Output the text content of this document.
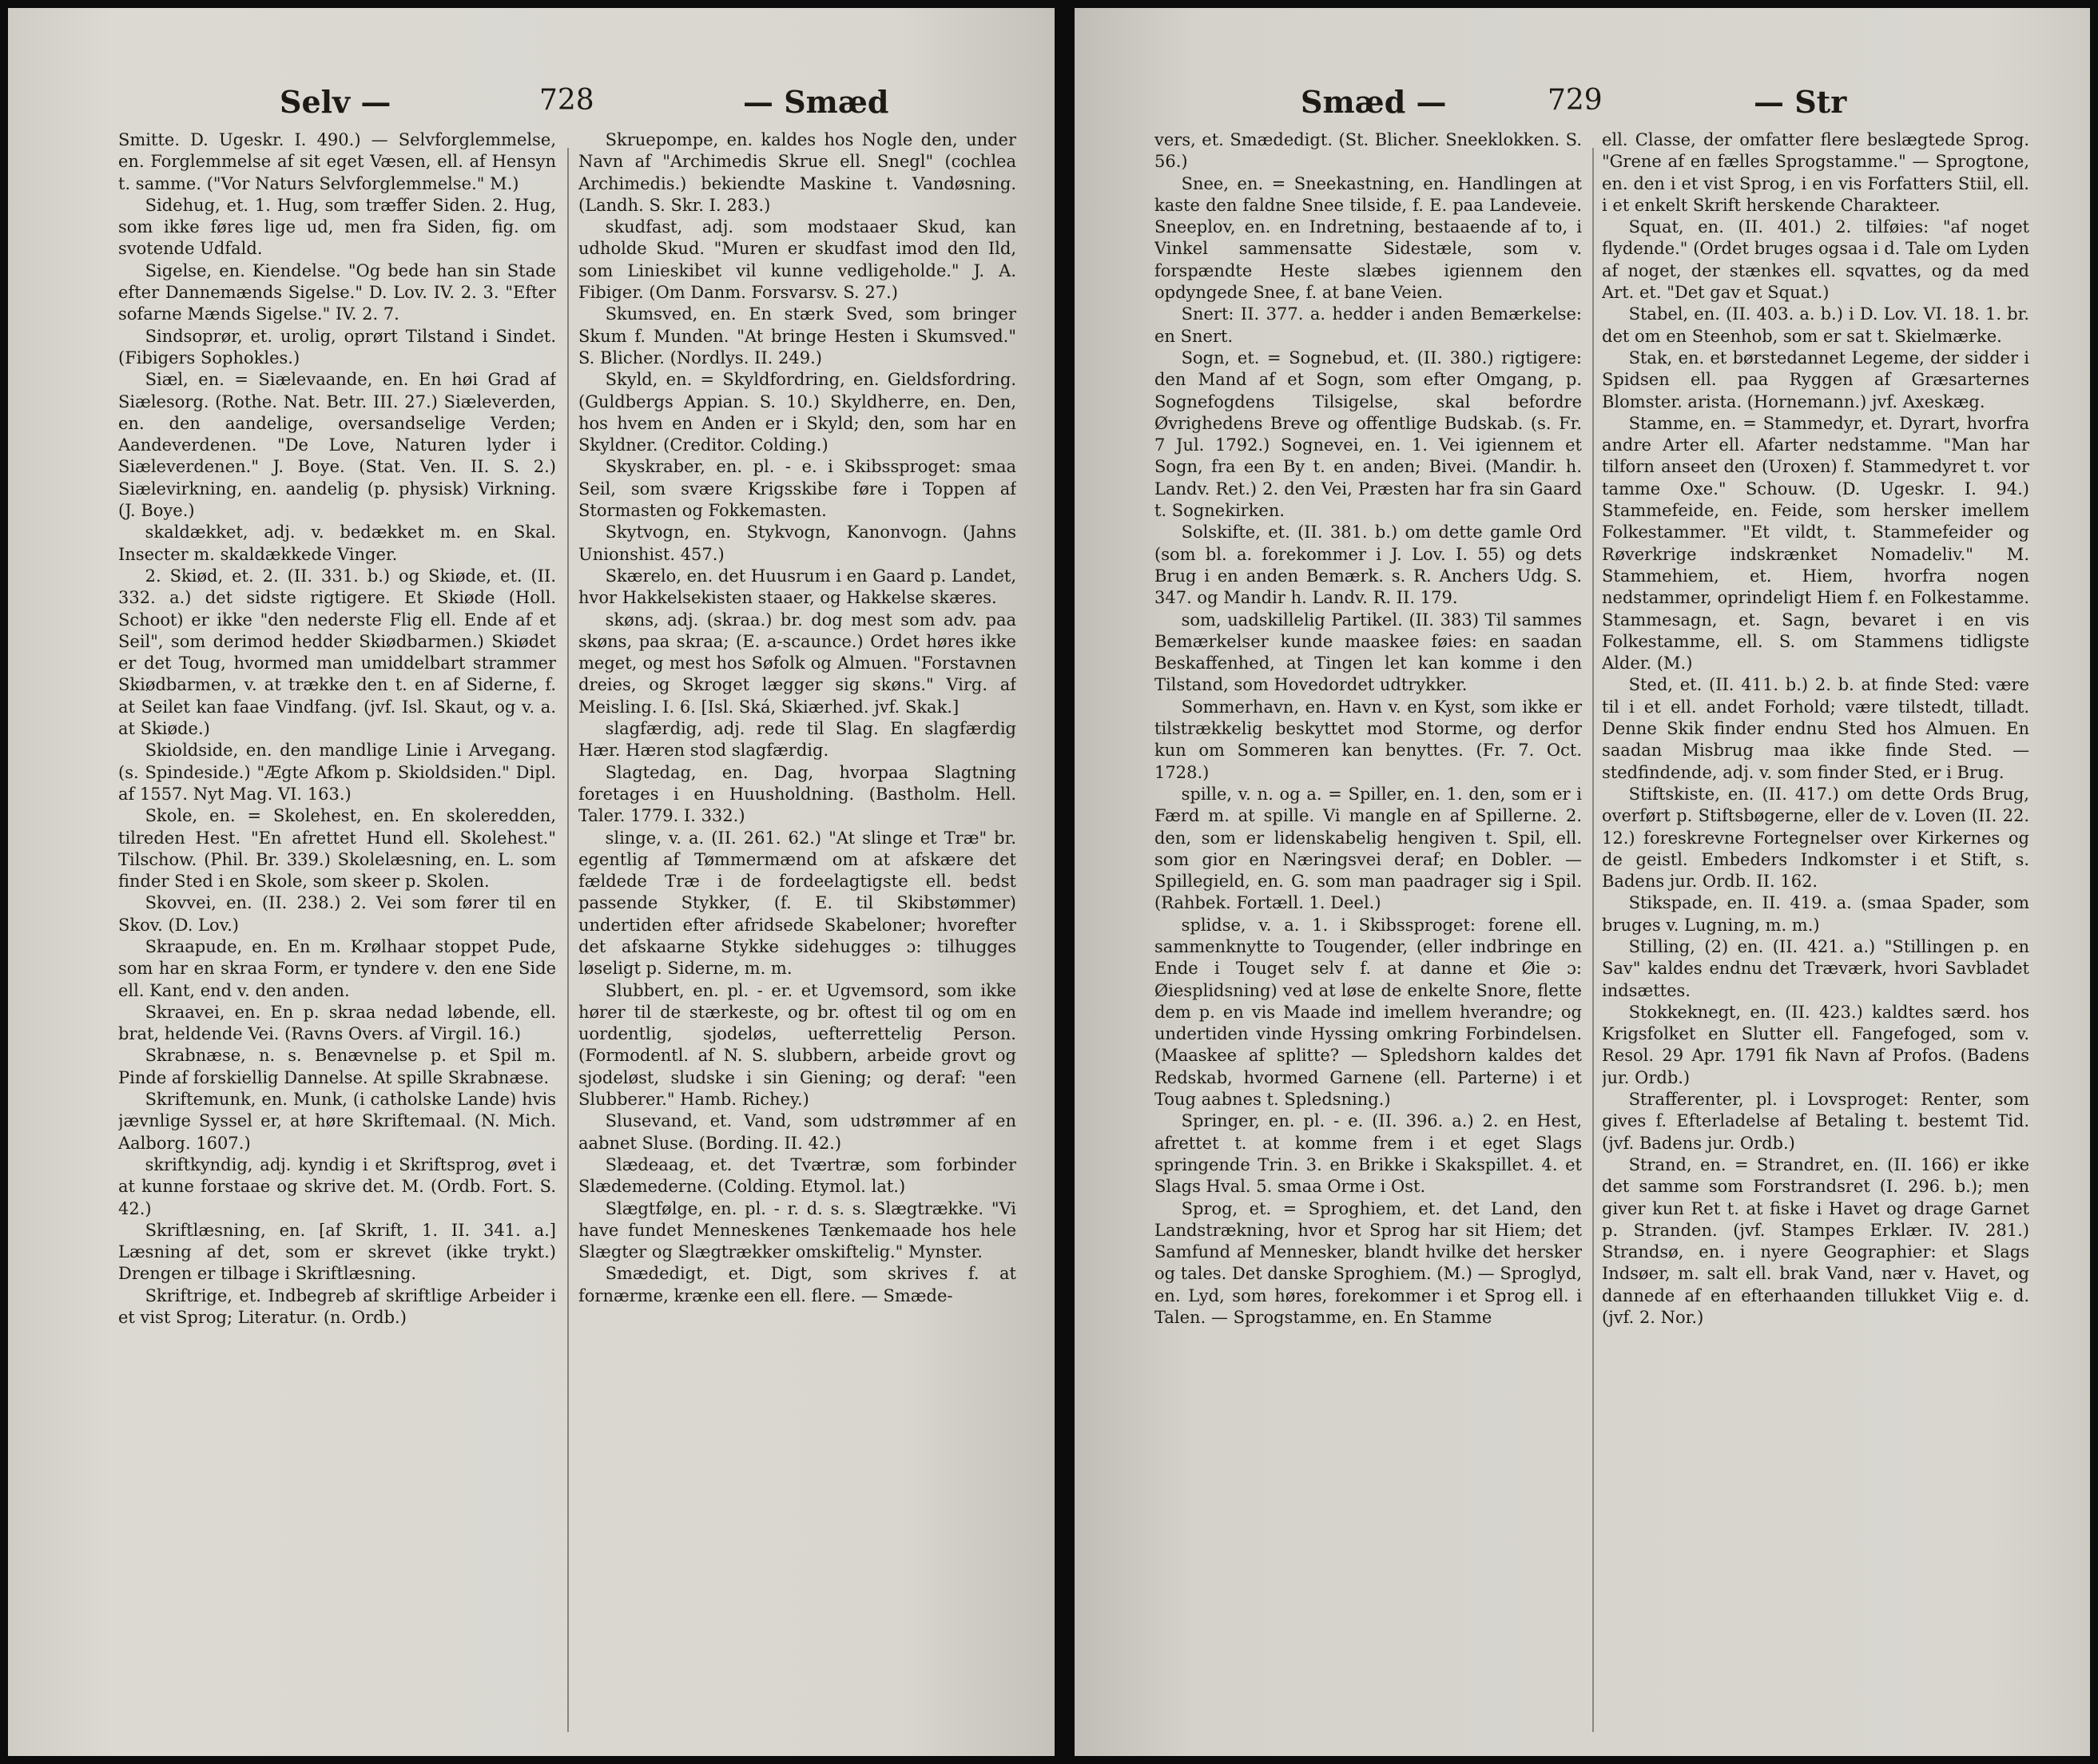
Selv —	728	— Smæd

Smitte. D. Ugeskr. I. 490.) — Selvforglemmelse, en. Forglemmelse af sit eget Væsen, ell. af Hensyn t. samme. ("Vor Naturs Selvforglemmelse." M.)

Sidehug, et. 1. Hug, som træffer Siden. 2. Hug, som ikke føres lige ud, men fra Siden, fig. om svotende Udfald.

Sigelse, en. Kiendelse. "Og bede han sin Stade efter Dannemænds Sigelse." D. Lov. IV. 2. 3. "Efter sofarne Mænds Sigelse." IV. 2. 7.

Sindsoprør, et. urolig, oprørt Tilstand i Sindet. (Fibigers Sophokles.)

Siæl, en. = Siælevaande, en. En høi Grad af Siælesorg. (Rothe. Nat. Betr. III. 27.) Siæleverden, en. den aandelige, oversandselige Verden; Aandeverdenen. "De Love, Naturen lyder i Siæleverdenen." J. Boye. (Stat. Ven. II. S. 2.) Siælevirkning, en. aandelig (p. physisk) Virkning. (J. Boye.)

skaldækket, adj. v. bedækket m. en Skal. Insecter m. skaldækkede Vinger.

2. Skiød, et. 2. (II. 331. b.) og Skiøde, et. (II. 332. a.) det sidste rigtigere. Et Skiøde (Holl. Schoot) er ikke "den nederste Flig ell. Ende af et Seil", som derimod hedder Skiødbarmen.) Skiødet er det Toug, hvormed man umiddelbart strammer Skiødbarmen, v. at trække den t. en af Siderne, f. at Seilet kan faae Vindfang. (jvf. Isl. Skaut, og v. a. at Skiøde.)

Skioldside, en. den mandlige Linie i Arvegang. (s. Spindeside.) "Ægte Afkom p. Skioldsiden." Dipl. af 1557. Nyt Mag. VI. 163.)

Skole, en. = Skolehest, en. En skoleredden, tilreden Hest. "En afrettet Hund ell. Skolehest." Tilschow. (Phil. Br. 339.) Skolelæsning, en. L. som finder Sted i en Skole, som skeer p. Skolen.

Skovvei, en. (II. 238.) 2. Vei som fører til en Skov. (D. Lov.)

Skraapude, en. En m. Krølhaar stoppet Pude, som har en skraa Form, er tyndere v. den ene Side ell. Kant, end v. den anden.

Skraavei, en. En p. skraa nedad løbende, ell. brat, heldende Vei. (Ravns Overs. af Virgil. 16.)

Skrabnæse, n. s. Benævnelse p. et Spil m. Pinde af forskiellig Dannelse. At spille Skrabnæse.

Skriftemunk, en. Munk, (i catholske Lande) hvis jævnlige Syssel er, at høre Skriftemaal. (N. Mich. Aalborg. 1607.)

skriftkyndig, adj. kyndig i et Skriftsprog, øvet i at kunne forstaae og skrive det. M. (Ordb. Fort. S. 42.)

Skriftlæsning, en. [af Skrift, 1. II. 341. a.] Læsning af det, som er skrevet (ikke trykt.) Drengen er tilbage i Skriftlæsning.

Skriftrige, et. Indbegreb af skriftlige Arbeider i et vist Sprog; Literatur. (n. Ordb.)

Skruepompe, en. kaldes hos Nogle den, under Navn af "Archimedis Skrue ell. Snegl" (cochlea Archimedis.) bekiendte Maskine t. Vandøsning. (Landh. S. Skr. I. 283.)

skudfast, adj. som modstaaer Skud, kan udholde Skud. "Muren er skudfast imod den Ild, som Linieskibet vil kunne vedligeholde." J. A. Fibiger. (Om Danm. Forsvarsv. S. 27.)

Skumsved, en. En stærk Sved, som bringer Skum f. Munden. "At bringe Hesten i Skumsved." S. Blicher. (Nordlys. II. 249.)

Skyld, en. = Skyldfordring, en. Gieldsfordring. (Guldbergs Appian. S. 10.) Skyldherre, en. Den, hos hvem en Anden er i Skyld; den, som har en Skyldner. (Creditor. Colding.)

Skyskraber, en. pl. - e. i Skibssproget: smaa Seil, som svære Krigsskibe føre i Toppen af Stormasten og Fokkemasten.

Skytvogn, en. Stykvogn, Kanonvogn. (Jahns Unionshist. 457.)

Skærelo, en. det Huusrum i en Gaard p. Landet, hvor Hakkelsekisten staaer, og Hakkelse skæres.

skøns, adj. (skraa.) br. dog mest som adv. paa skøns, paa skraa; (E. a-scaunce.) Ordet høres ikke meget, og mest hos Søfolk og Almuen. "Forstavnen dreies, og Skroget lægger sig skøns." Virg. af Meisling. I. 6. [Isl. Ská, Skiærhed. jvf. Skak.]

slagfærdig, adj. rede til Slag. En slagfærdig Hær. Hæren stod slagfærdig.

Slagtedag, en. Dag, hvorpaa Slagtning foretages i en Huusholdning. (Bastholm. Hell. Taler. 1779. I. 332.)

slinge, v. a. (II. 261. 62.) "At slinge et Træ" br. egentlig af Tømmermænd om at afskære det fældede Træ i de fordeelagtigste ell. bedst passende Stykker, (f. E. til Skibstømmer) undertiden efter afridsede Skabeloner; hvorefter det afskaarne Stykke sidehugges ɔ: tilhugges løseligt p. Siderne, m. m.

Slubbert, en. pl. - er. et Ugvemsord, som ikke hører til de stærkeste, og br. oftest til og om en uordentlig, sjodeløs, uefterrettelig Person. (Formodentl. af N. S. slubbern, arbeide grovt og sjodeløst, sludske i sin Giening; og deraf: "een Slubberer." Hamb. Richey.)

Slusevand, et. Vand, som udstrømmer af en aabnet Sluse. (Bording. II. 42.)

Slædeaag, et. det Tværtræ, som forbinder Slædemederne. (Colding. Etymol. lat.)

Slægtfølge, en. pl. - r. d. s. s. Slægtrække. "Vi have fundet Menneskenes Tænkemaade hos hele Slægter og Slægtrækker omskiftelig." Mynster.

Smædedigt, et. Digt, som skrives f. at fornærme, krænke een ell. flere. — Smæde-

Smæd —	729	— Str

vers, et. Smædedigt. (St. Blicher. Sneeklokken. S. 56.)

Snee, en. = Sneekastning, en. Handlingen at kaste den faldne Snee tilside, f. E. paa Landeveie. Sneeplov, en. en Indretning, bestaaende af to, i Vinkel sammensatte Sidestæle, som v. forspændte Heste slæbes igiennem den opdyngede Snee, f. at bane Veien.

Snert: II. 377. a. hedder i anden Bemærkelse: en Snert.

Sogn, et. = Sognebud, et. (II. 380.) rigtigere: den Mand af et Sogn, som efter Omgang, p. Sognefogdens Tilsigelse, skal befordre Øvrighedens Breve og offentlige Budskab. (s. Fr. 7 Jul. 1792.) Sognevei, en. 1. Vei igiennem et Sogn, fra een By t. en anden; Bivei. (Mandir. h. Landv. Ret.) 2. den Vei, Præsten har fra sin Gaard t. Sognekirken.

Solskifte, et. (II. 381. b.) om dette gamle Ord (som bl. a. forekommer i J. Lov. I. 55) og dets Brug i en anden Bemærk. s. R. Anchers Udg. S. 347. og Mandir h. Landv. R. II. 179.

som, uadskillelig Partikel. (II. 383) Til sammes Bemærkelser kunde maaskee føies: en saadan Beskaffenhed, at Tingen let kan komme i den Tilstand, som Hovedordet udtrykker.

Sommerhavn, en. Havn v. en Kyst, som ikke er tilstrækkelig beskyttet mod Storme, og derfor kun om Sommeren kan benyttes. (Fr. 7. Oct. 1728.)

spille, v. n. og a. = Spiller, en. 1. den, som er i Færd m. at spille. Vi mangle en af Spillerne. 2. den, som er lidenskabelig hengiven t. Spil, ell. som gior en Næringsvei deraf; en Dobler. — Spillegield, en. G. som man paadrager sig i Spil. (Rahbek. Fortæll. 1. Deel.)

splidse, v. a. 1. i Skibssproget: forene ell. sammenknytte to Tougender, (eller indbringe en Ende i Touget selv f. at danne et Øie ɔ: Øiesplidsning) ved at løse de enkelte Snore, flette dem p. en vis Maade ind imellem hverandre; og undertiden vinde Hyssing omkring Forbindelsen. (Maaskee af splitte? — Spledshorn kaldes det Redskab, hvormed Garnene (ell. Parterne) i et Toug aabnes t. Spledsning.)

Springer, en. pl. - e. (II. 396. a.) 2. en Hest, afrettet t. at komme frem i et eget Slags springende Trin. 3. en Brikke i Skakspillet. 4. et Slags Hval. 5. smaa Orme i Ost.

Sprog, et. = Sproghiem, et. det Land, den Landstrækning, hvor et Sprog har sit Hiem; det Samfund af Mennesker, blandt hvilke det hersker og tales. Det danske Sproghiem. (M.) — Sproglyd, en. Lyd, som høres, forekommer i et Sprog ell. i Talen. — Sprogstamme, en. En Stamme

ell. Classe, der omfatter flere beslægtede Sprog. "Grene af en fælles Sprogstamme." — Sprogtone, en. den i et vist Sprog, i en vis Forfatters Stiil, ell. i et enkelt Skrift herskende Charakteer.

Squat, en. (II. 401.) 2. tilføies: "af noget flydende." (Ordet bruges ogsaa i d. Tale om Lyden af noget, der stænkes ell. sqvattes, og da med Art. et. "Det gav et Squat.)

Stabel, en. (II. 403. a. b.) i D. Lov. VI. 18. 1. br. det om en Steenhob, som er sat t. Skielmærke.

Stak, en. et børstedannet Legeme, der sidder i Spidsen ell. paa Ryggen af Græsarternes Blomster. arista. (Hornemann.) jvf. Axeskæg.

Stamme, en. = Stammedyr, et. Dyrart, hvorfra andre Arter ell. Afarter nedstamme. "Man har tilforn anseet den (Uroxen) f. Stammedyret t. vor tamme Oxe." Schouw. (D. Ugeskr. I. 94.) Stammefeide, en. Feide, som hersker imellem Folkestammer. "Et vildt, t. Stammefeider og Røverkrige indskrænket Nomadeliv." M. Stammehiem, et. Hiem, hvorfra nogen nedstammer, oprindeligt Hiem f. en Folkestamme. Stammesagn, et. Sagn, bevaret i en vis Folkestamme, ell. S. om Stammens tidligste Alder. (M.)

Sted, et. (II. 411. b.) 2. b. at finde Sted: være til i et ell. andet Forhold; være tilstedt, tilladt. Denne Skik finder endnu Sted hos Almuen. En saadan Misbrug maa ikke finde Sted. — stedfindende, adj. v. som finder Sted, er i Brug.

Stiftskiste, en. (II. 417.) om dette Ords Brug, overført p. Stiftsbøgerne, eller de v. Loven (II. 22. 12.) foreskrevne Fortegnelser over Kirkernes og de geistl. Embeders Indkomster i et Stift, s. Badens jur. Ordb. II. 162.

Stikspade, en. II. 419. a. (smaa Spader, som bruges v. Lugning, m. m.)

Stilling, (2) en. (II. 421. a.) "Stillingen p. en Sav" kaldes endnu det Træværk, hvori Savbladet indsættes.

Stokkeknegt, en. (II. 423.) kaldtes særd. hos Krigsfolket en Slutter ell. Fangefoged, som v. Resol. 29 Apr. 1791 fik Navn af Profos. (Badens jur. Ordb.)

Strafferenter, pl. i Lovsproget: Renter, som gives f. Efterladelse af Betaling t. bestemt Tid. (jvf. Badens jur. Ordb.)

Strand, en. = Strandret, en. (II. 166) er ikke det samme som Forstrandsret (I. 296. b.); men giver kun Ret t. at fiske i Havet og drage Garnet p. Stranden. (jvf. Stampes Erklær. IV. 281.) Strandsø, en. i nyere Geographier: et Slags Indsøer, m. salt ell. brak Vand, nær v. Havet, og dannede af en efterhaanden tillukket Viig e. d. (jvf. 2. Nor.)
